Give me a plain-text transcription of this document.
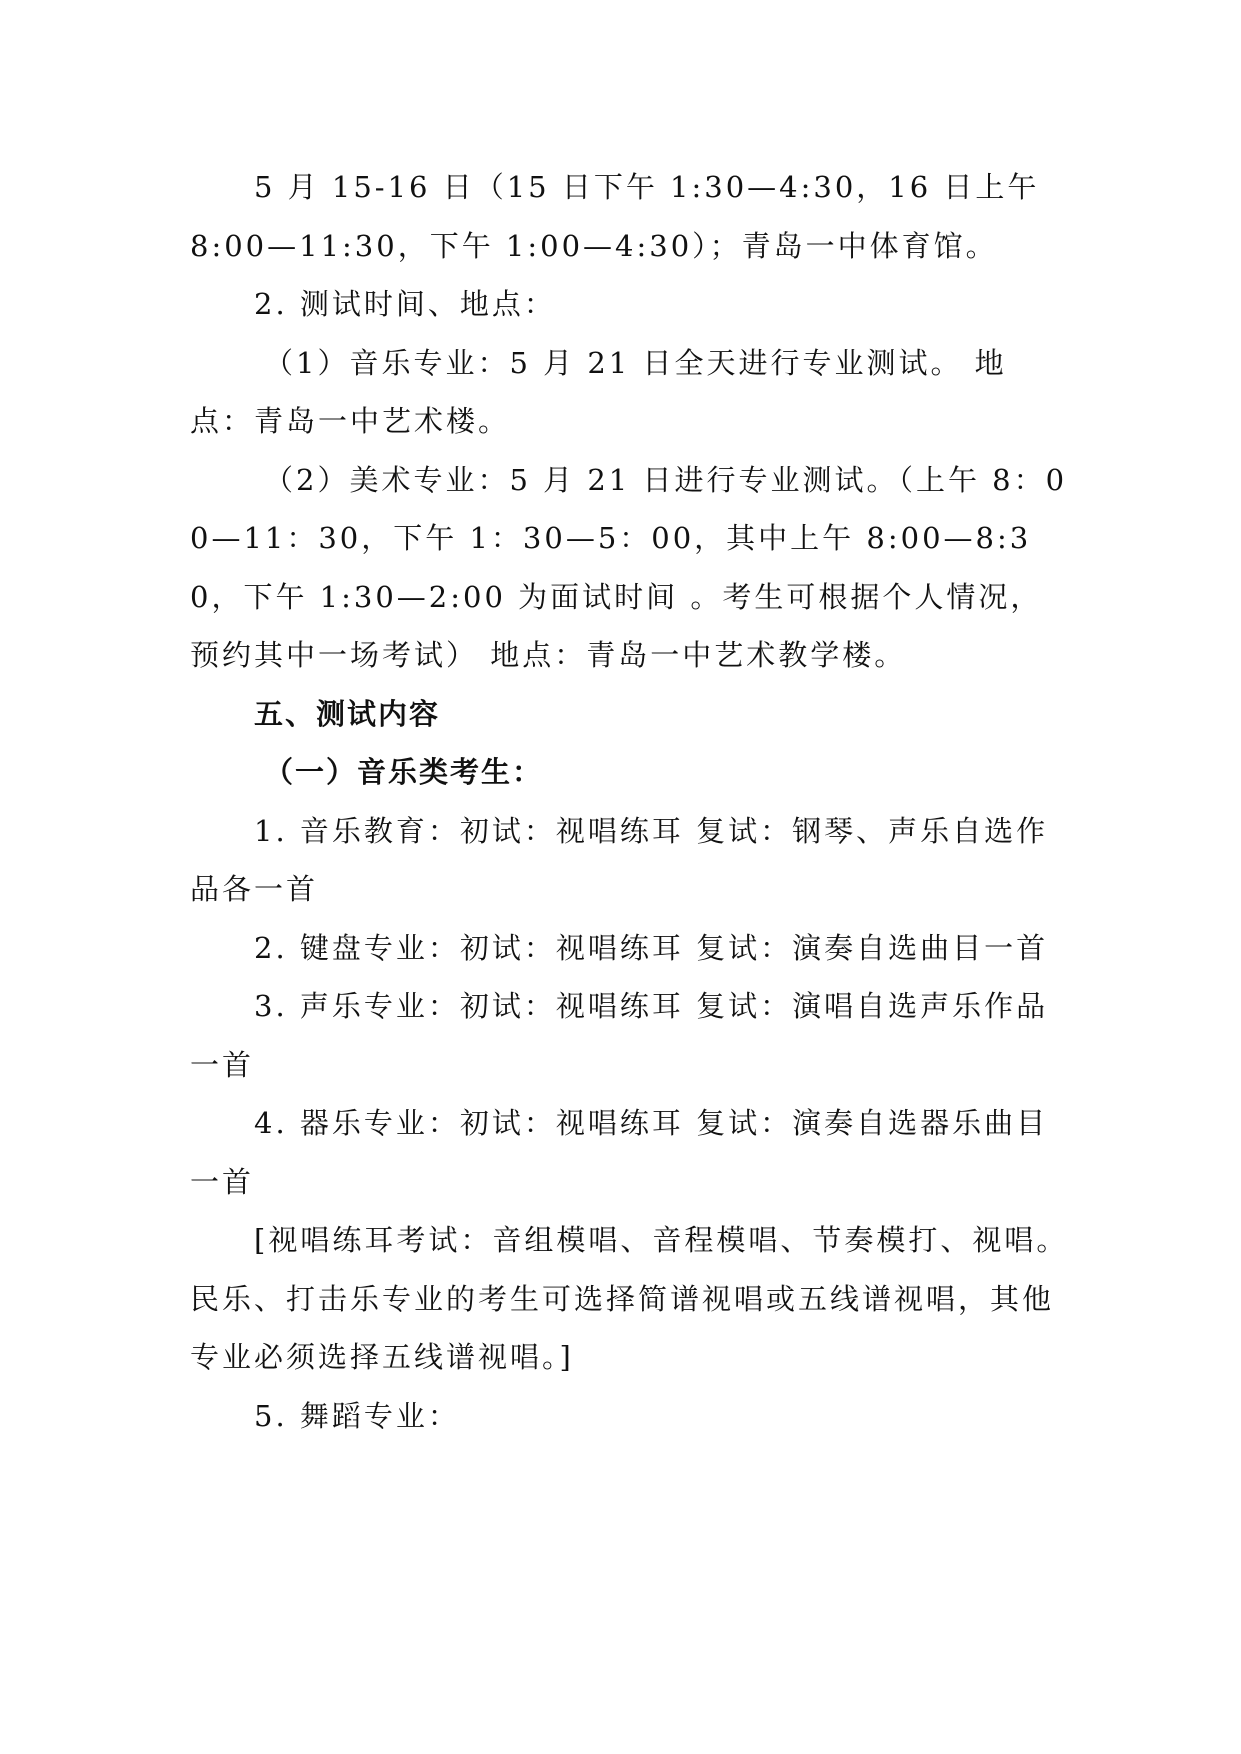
5 月 15-16 日（15 日下午 1:30—4:30，16 日上午 8:00—11:30，下午 1:00—4:30）；青岛一中体育馆。

2. 测试时间、地点：

（1）音乐专业：5 月 21 日全天进行专业测试。 地点：青岛一中艺术楼。

（2）美术专业：5 月 21 日进行专业测试。（上午 8：00—11：30，下午 1：30—5：00，其中上午 8:00—8:30，下午 1:30—2:00 为面试时间 。考生可根据个人情况，预约其中一场考试） 地点：青岛一中艺术教学楼。

五、测试内容

（一）音乐类考生：

1. 音乐教育：初试：视唱练耳 复试：钢琴、声乐自选作品各一首

2. 键盘专业：初试：视唱练耳 复试：演奏自选曲目一首

3. 声乐专业：初试：视唱练耳 复试：演唱自选声乐作品一首

4. 器乐专业：初试：视唱练耳 复试：演奏自选器乐曲目一首

[视唱练耳考试：音组模唱、音程模唱、节奏模打、视唱。民乐、打击乐专业的考生可选择简谱视唱或五线谱视唱，其他专业必须选择五线谱视唱。]

5. 舞蹈专业：
